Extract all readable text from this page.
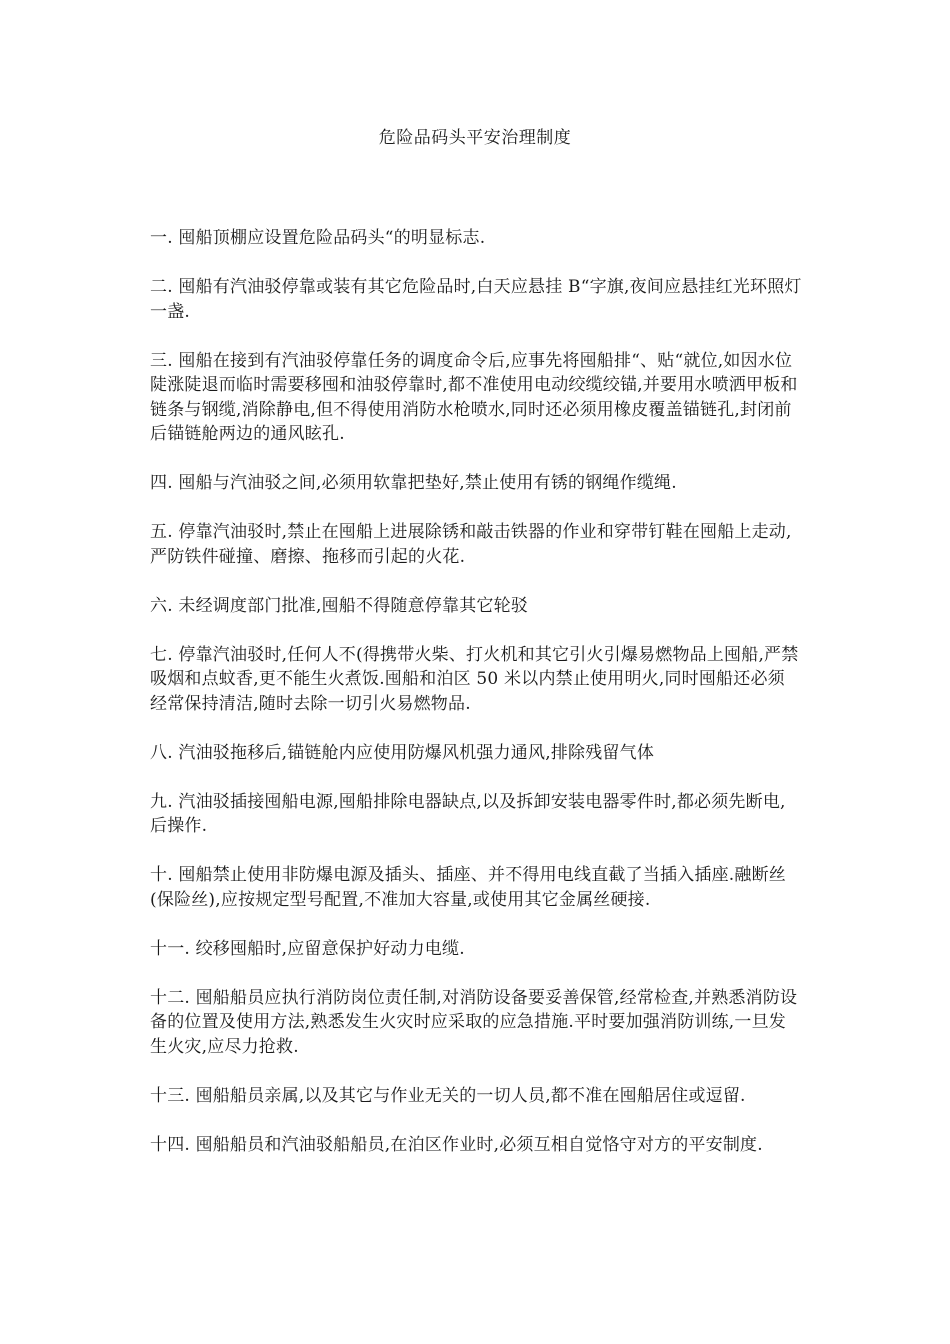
危险品码头平安治理制度

一. 囤船顶棚应设置危险品码头“的明显标志.

二. 囤船有汽油驳停靠或装有其它危险品时,白天应悬挂 B“字旗,夜间应悬挂红光环照灯一盏.

三. 囤船在接到有汽油驳停靠任务的调度命令后,应事先将囤船排“、贴“就位,如因水位陡涨陡退而临时需要移囤和油驳停靠时,都不准使用电动绞缆绞锚,并要用水喷洒甲板和链条与钢缆,消除静电,但不得使用消防水枪喷水,同时还必须用橡皮覆盖锚链孔,封闭前后锚链舱两边的通风眩孔.

四. 囤船与汽油驳之间,必须用软靠把垫好,禁止使用有锈的钢绳作缆绳.

五. 停靠汽油驳时,禁止在囤船上进展除锈和敲击铁器的作业和穿带钉鞋在囤船上走动,严防铁件碰撞、磨擦、拖移而引起的火花.

六. 未经调度部门批准,囤船不得随意停靠其它轮驳

七. 停靠汽油驳时,任何人不(得携带火柴、打火机和其它引火引爆易燃物品上囤船,严禁吸烟和点蚊香,更不能生火煮饭.囤船和泊区 50 米以内禁止使用明火,同时囤船还必须经常保持清洁,随时去除一切引火易燃物品.

八. 汽油驳拖移后,锚链舱内应使用防爆风机强力通风,排除残留气体

九. 汽油驳插接囤船电源,囤船排除电器缺点,以及拆卸安装电器零件时,都必须先断电,后操作.

十. 囤船禁止使用非防爆电源及插头、插座、并不得用电线直截了当插入插座.融断丝(保险丝),应按规定型号配置,不准加大容量,或使用其它金属丝硬接.

十一. 绞移囤船时,应留意保护好动力电缆.

十二. 囤船船员应执行消防岗位责任制,对消防设备要妥善保管,经常检查,并熟悉消防设备的位置及使用方法,熟悉发生火灾时应采取的应急措施.平时要加强消防训练,一旦发生火灾,应尽力抢救.

十三. 囤船船员亲属,以及其它与作业无关的一切人员,都不准在囤船居住或逗留.

十四. 囤船船员和汽油驳船船员,在泊区作业时,必须互相自觉恪守对方的平安制度.
